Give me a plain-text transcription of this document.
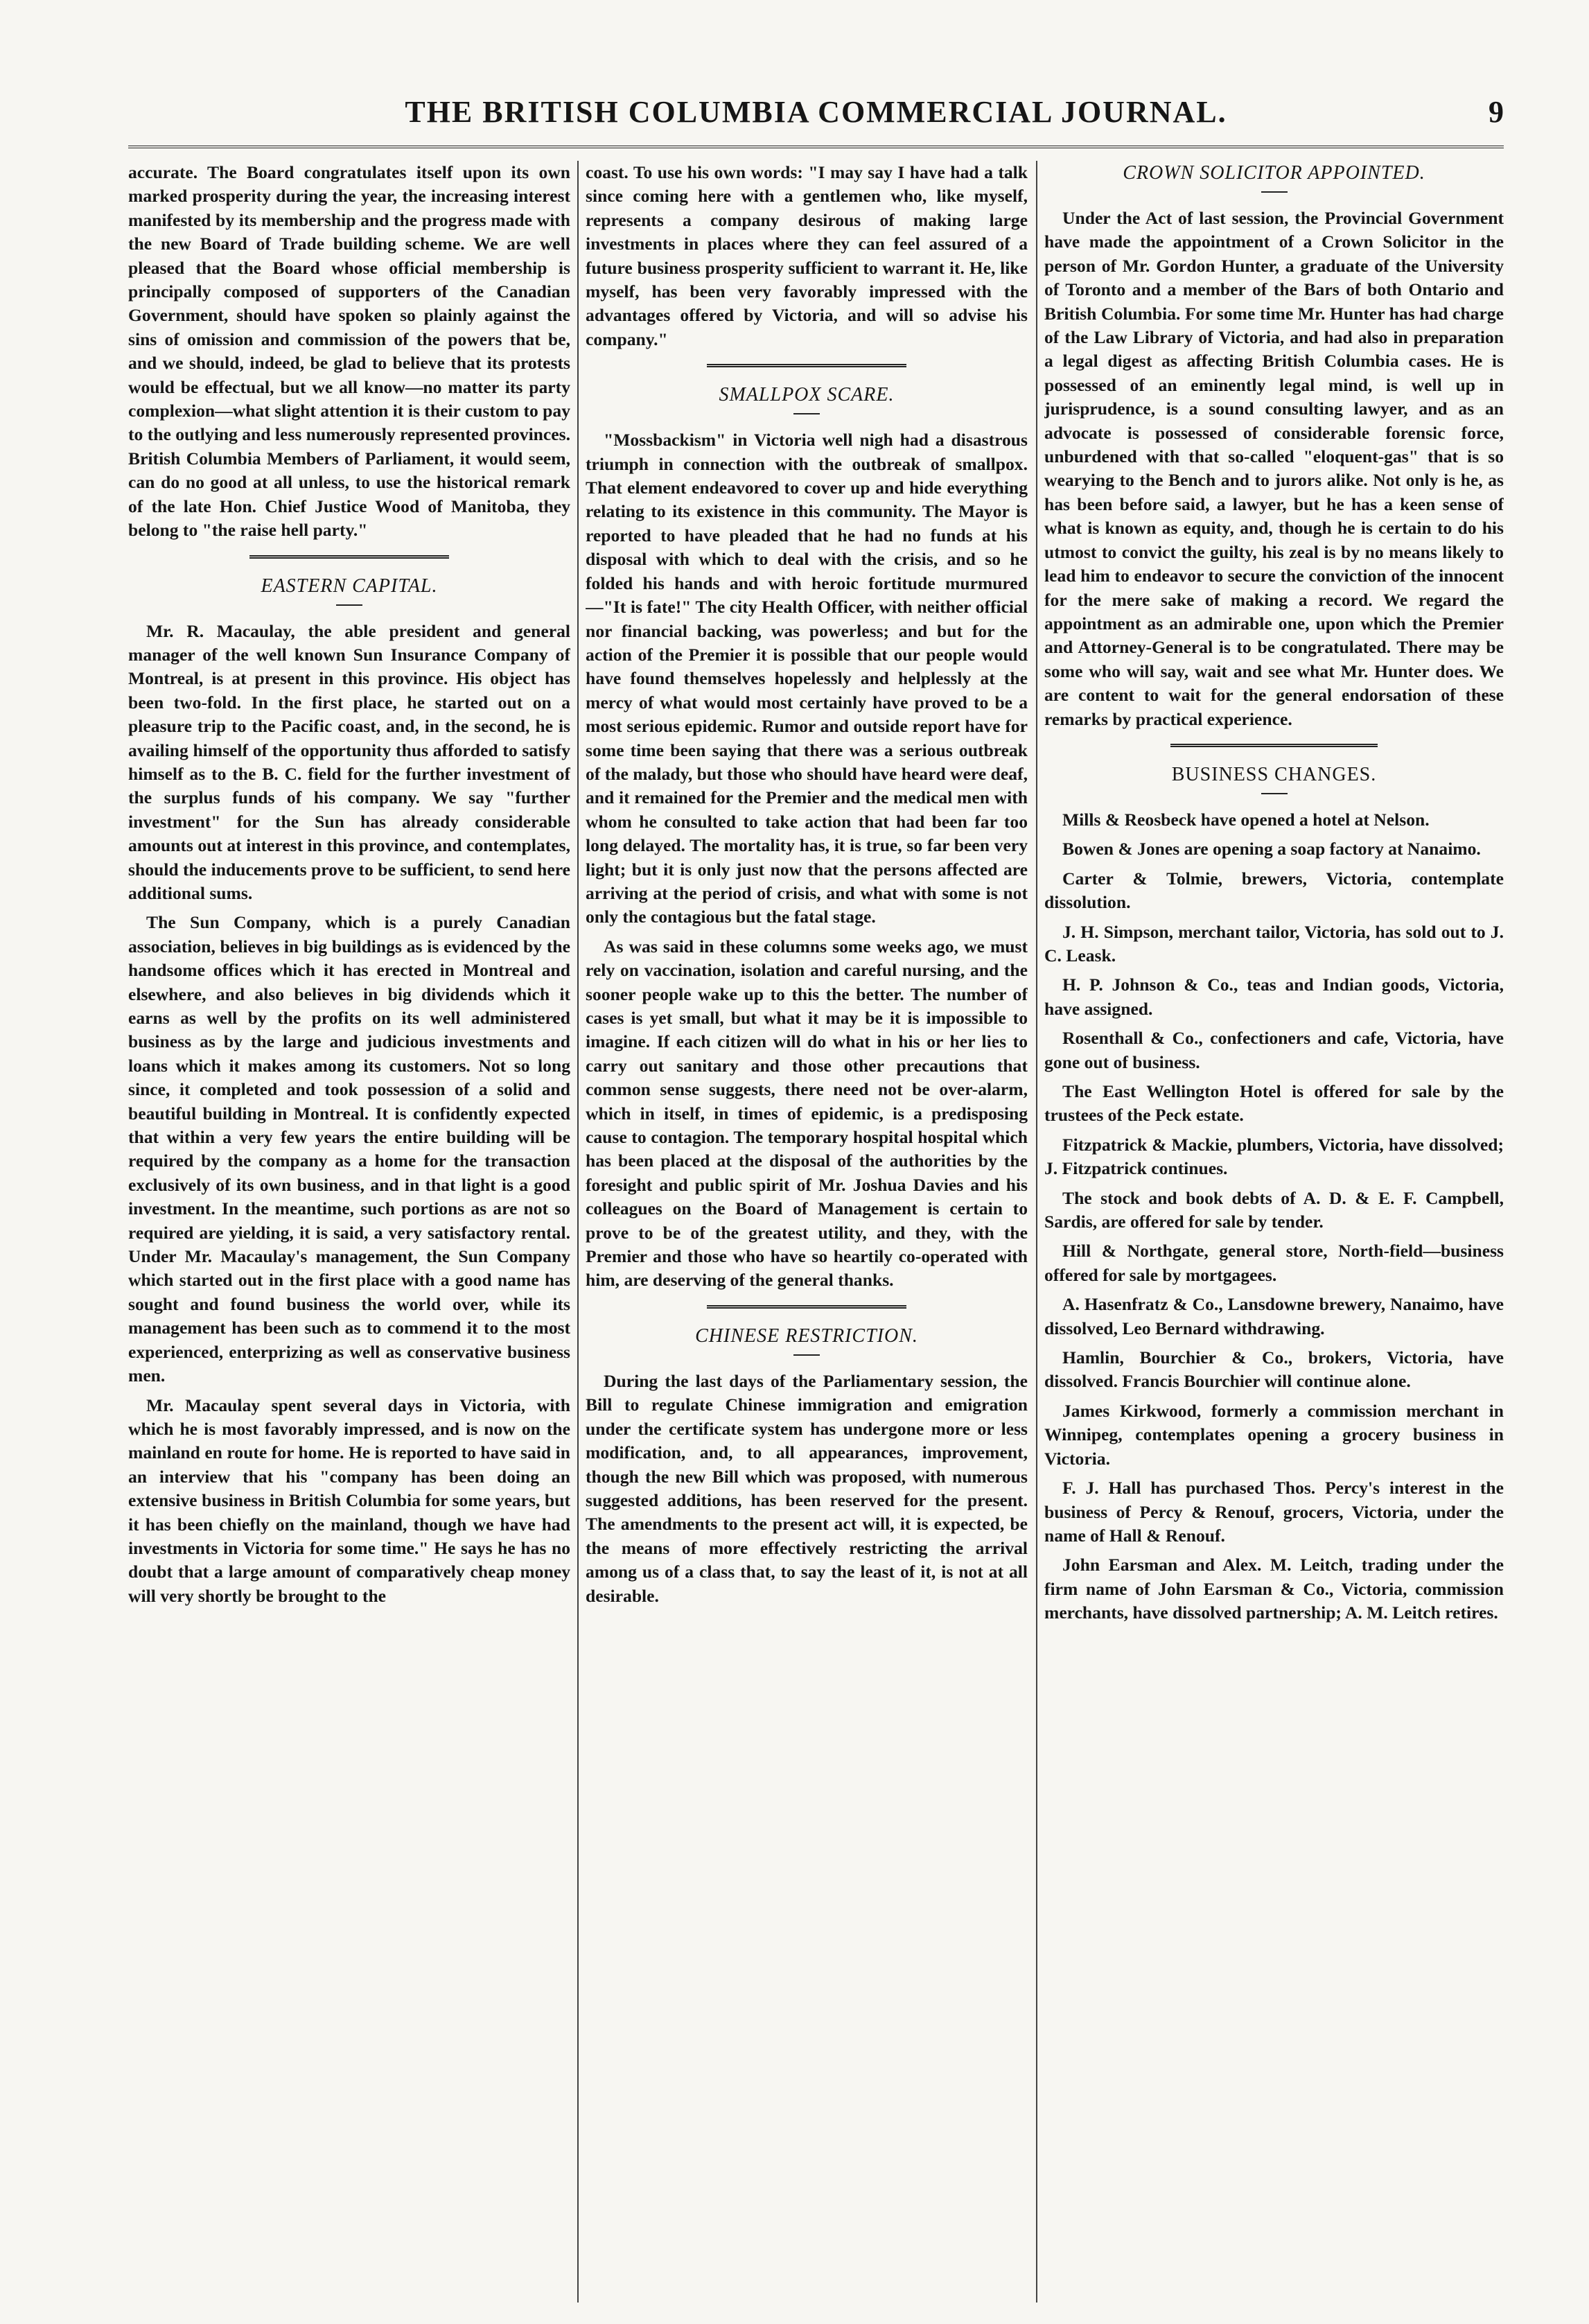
THE BRITISH COLUMBIA COMMERCIAL JOURNAL.	9

accurate. The Board congratulates itself upon its own marked prosperity during the year, the increasing interest manifested by its membership and the progress made with the new Board of Trade building scheme. We are well pleased that the Board whose official membership is principally composed of supporters of the Canadian Government, should have spoken so plainly against the sins of omission and commission of the powers that be, and we should, indeed, be glad to believe that its protests would be effectual, but we all know—no matter its party complexion—what slight attention it is their custom to pay to the outlying and less numerously represented provinces. British Columbia Members of Parliament, it would seem, can do no good at all unless, to use the historical remark of the late Hon. Chief Justice Wood of Manitoba, they belong to "the raise hell party."

EASTERN CAPITAL.

Mr. R. Macaulay, the able president and general manager of the well known Sun Insurance Company of Montreal, is at present in this province. His object has been two-fold. In the first place, he started out on a pleasure trip to the Pacific coast, and, in the second, he is availing himself of the opportunity thus afforded to satisfy himself as to the B. C. field for the further investment of the surplus funds of his company. We say "further investment" for the Sun has already considerable amounts out at interest in this province, and contemplates, should the inducements prove to be sufficient, to send here additional sums.

The Sun Company, which is a purely Canadian association, believes in big buildings as is evidenced by the handsome offices which it has erected in Montreal and elsewhere, and also believes in big dividends which it earns as well by the profits on its well administered business as by the large and judicious investments and loans which it makes among its customers. Not so long since, it completed and took possession of a solid and beautiful building in Montreal. It is confidently expected that within a very few years the entire building will be required by the company as a home for the transaction exclusively of its own business, and in that light is a good investment. In the meantime, such portions as are not so required are yielding, it is said, a very satisfactory rental. Under Mr. Macaulay's management, the Sun Company which started out in the first place with a good name has sought and found business the world over, while its management has been such as to commend it to the most experienced, enterprizing as well as conservative business men.

Mr. Macaulay spent several days in Victoria, with which he is most favorably impressed, and is now on the mainland en route for home. He is reported to have said in an interview that his "company has been doing an extensive business in British Columbia for some years, but it has been chiefly on the mainland, though we have had investments in Victoria for some time." He says he has no doubt that a large amount of comparatively cheap money will very shortly be brought to the

coast. To use his own words: "I may say I have had a talk since coming here with a gentlemen who, like myself, represents a company desirous of making large investments in places where they can feel assured of a future business prosperity sufficient to warrant it. He, like myself, has been very favorably impressed with the advantages offered by Victoria, and will so advise his company."

SMALLPOX SCARE.

"Mossbackism" in Victoria well nigh had a disastrous triumph in connection with the outbreak of smallpox. That element endeavored to cover up and hide everything relating to its existence in this community. The Mayor is reported to have pleaded that he had no funds at his disposal with which to deal with the crisis, and so he folded his hands and with heroic fortitude murmured—"It is fate!" The city Health Officer, with neither official nor financial backing, was powerless; and but for the action of the Premier it is possible that our people would have found themselves hopelessly and helplessly at the mercy of what would most certainly have proved to be a most serious epidemic. Rumor and outside report have for some time been saying that there was a serious outbreak of the malady, but those who should have heard were deaf, and it remained for the Premier and the medical men with whom he consulted to take action that had been far too long delayed. The mortality has, it is true, so far been very light; but it is only just now that the persons affected are arriving at the period of crisis, and what with some is not only the contagious but the fatal stage.

As was said in these columns some weeks ago, we must rely on vaccination, isolation and careful nursing, and the sooner people wake up to this the better. The number of cases is yet small, but what it may be it is impossible to imagine. If each citizen will do what in his or her lies to carry out sanitary and those other precautions that common sense suggests, there need not be over-alarm, which in itself, in times of epidemic, is a predisposing cause to contagion. The temporary hospital hospital which has been placed at the disposal of the authorities by the foresight and public spirit of Mr. Joshua Davies and his colleagues on the Board of Management is certain to prove to be of the greatest utility, and they, with the Premier and those who have so heartily co-operated with him, are deserving of the general thanks.

CHINESE RESTRICTION.

During the last days of the Parliamentary session, the Bill to regulate Chinese immigration and emigration under the certificate system has undergone more or less modification, and, to all appearances, improvement, though the new Bill which was proposed, with numerous suggested additions, has been reserved for the present. The amendments to the present act will, it is expected, be the means of more effectively restricting the arrival among us of a class that, to say the least of it, is not at all desirable.

CROWN SOLICITOR APPOINTED.

Under the Act of last session, the Provincial Government have made the appointment of a Crown Solicitor in the person of Mr. Gordon Hunter, a graduate of the University of Toronto and a member of the Bars of both Ontario and British Columbia. For some time Mr. Hunter has had charge of the Law Library of Victoria, and had also in preparation a legal digest as affecting British Columbia cases. He is possessed of an eminently legal mind, is well up in jurisprudence, is a sound consulting lawyer, and as an advocate is possessed of considerable forensic force, unburdened with that so-called "eloquent-gas" that is so wearying to the Bench and to jurors alike. Not only is he, as has been before said, a lawyer, but he has a keen sense of what is known as equity, and, though he is certain to do his utmost to convict the guilty, his zeal is by no means likely to lead him to endeavor to secure the conviction of the innocent for the mere sake of making a record. We regard the appointment as an admirable one, upon which the Premier and Attorney-General is to be congratulated. There may be some who will say, wait and see what Mr. Hunter does. We are content to wait for the general endorsation of these remarks by practical experience.

BUSINESS CHANGES.

Mills & Reosbeck have opened a hotel at Nelson.

Bowen & Jones are opening a soap factory at Nanaimo.

Carter & Tolmie, brewers, Victoria, contemplate dissolution.

J. H. Simpson, merchant tailor, Victoria, has sold out to J. C. Leask.

H. P. Johnson & Co., teas and Indian goods, Victoria, have assigned.

Rosenthall & Co., confectioners and cafe, Victoria, have gone out of business.

The East Wellington Hotel is offered for sale by the trustees of the Peck estate.

Fitzpatrick & Mackie, plumbers, Victoria, have dissolved; J. Fitzpatrick continues.

The stock and book debts of A. D. & E. F. Campbell, Sardis, are offered for sale by tender.

Hill & Northgate, general store, North-field—business offered for sale by mortgagees.

A. Hasenfratz & Co., Lansdowne brewery, Nanaimo, have dissolved, Leo Bernard withdrawing.

Hamlin, Bourchier & Co., brokers, Victoria, have dissolved. Francis Bourchier will continue alone.

James Kirkwood, formerly a commission merchant in Winnipeg, contemplates opening a grocery business in Victoria.

F. J. Hall has purchased Thos. Percy's interest in the business of Percy & Renouf, grocers, Victoria, under the name of Hall & Renouf.

John Earsman and Alex. M. Leitch, trading under the firm name of John Earsman & Co., Victoria, commission merchants, have dissolved partnership; A. M. Leitch retires.
